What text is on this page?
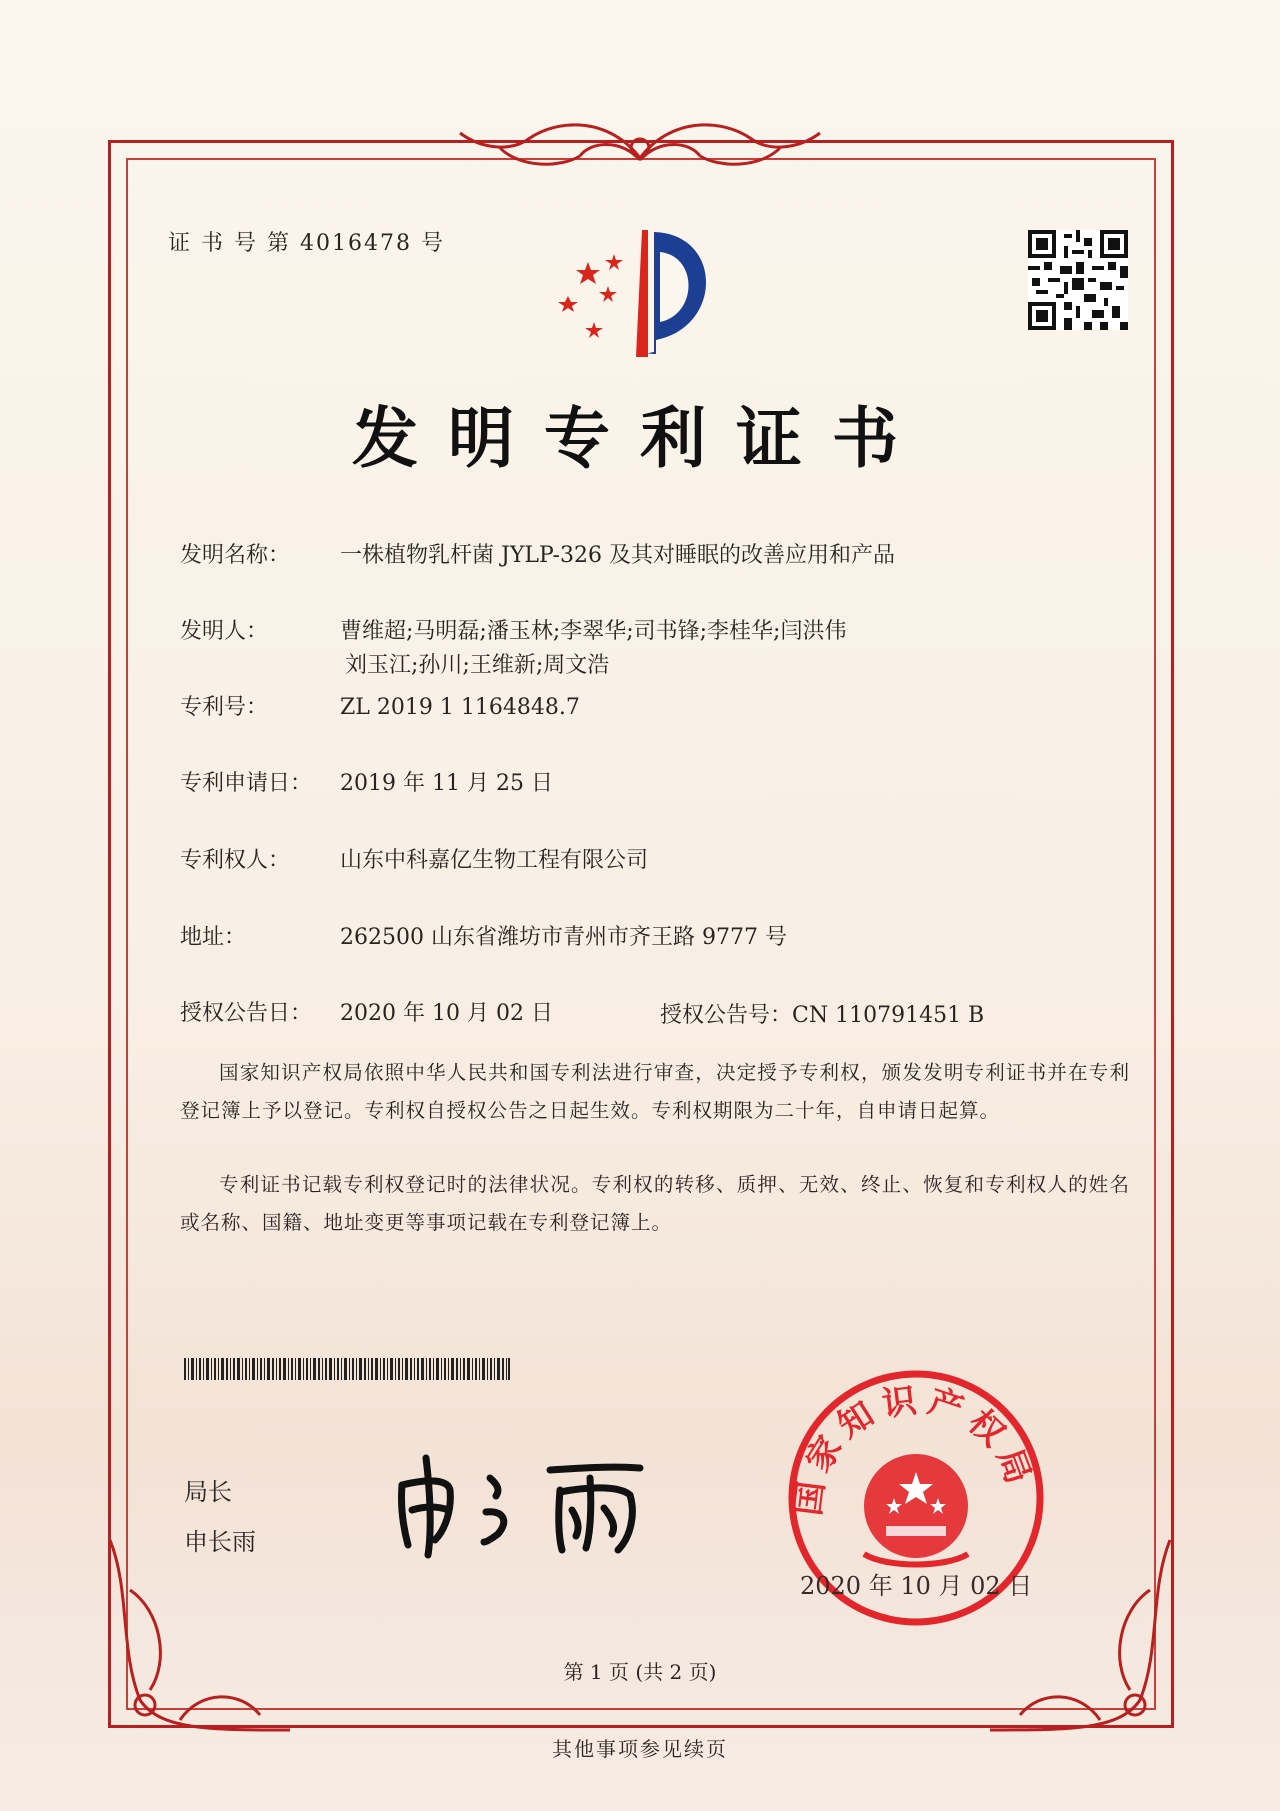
证 书 号 第 4016478 号
发明专利证书
发明名称： 一株植物乳杆菌 JYLP-326 及其对睡眠的改善应用和产品
发明人：	曹维超;马明磊;潘玉林;李翠华;司书锋;李桂华;闫洪伟
刘玉江;孙川;王维新;周文浩
专利号：	ZL 2019 1 1164848.7
专利申请日： 2019 年 11 月 25 日
专利权人： 山东中科嘉亿生物工程有限公司
地址：	262500 山东省潍坊市青州市齐王路 9777 号
授权公告日： 2020 年 10 月 02 日	授权公告号：CN 110791451 B
国家知识产权局依照中华人民共和国专利法进行审查，决定授予专利权，颁发发明专利证书并在专利登记簿上予以登记。专利权自授权公告之日起生效。专利权期限为二十年，自申请日起算。
专利证书记载专利权登记时的法律状况。专利权的转移、质押、无效、终止、恢复和专利权人的姓名或名称、国籍、地址变更等事项记载在专利登记簿上。
局长
申长雨
国家知识产权局
2020 年 10 月 02 日
第 1 页 (共 2 页)
其他事项参见续页
